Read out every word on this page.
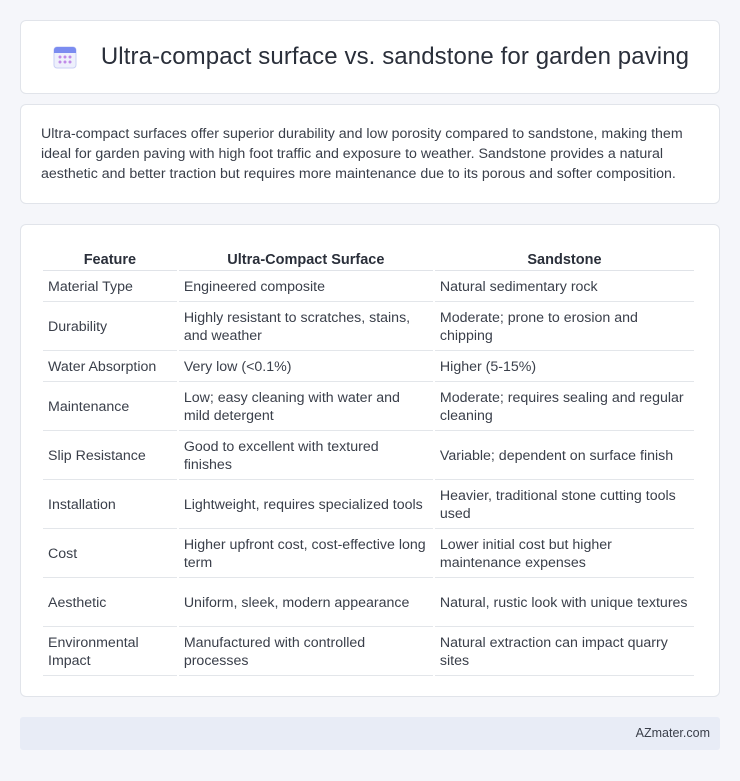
Ultra-compact surface vs. sandstone for garden paving

Ultra-compact surfaces offer superior durability and low porosity compared to sandstone, making them ideal for garden paving with high foot traffic and exposure to weather. Sandstone provides a natural aesthetic and better traction but requires more maintenance due to its porous and softer composition.

Feature	Ultra-Compact Surface	Sandstone
Material Type	Engineered composite	Natural sedimentary rock
Durability	Highly resistant to scratches, stains, and weather	Moderate; prone to erosion and chipping
Water Absorption	Very low (<0.1%)	Higher (5-15%)
Maintenance	Low; easy cleaning with water and mild detergent	Moderate; requires sealing and regular cleaning
Slip Resistance	Good to excellent with textured finishes	Variable; dependent on surface finish
Installation	Lightweight, requires specialized tools	Heavier, traditional stone cutting tools used
Cost	Higher upfront cost, cost-effective long term	Lower initial cost but higher maintenance expenses
Aesthetic	Uniform, sleek, modern appearance	Natural, rustic look with unique textures
Environmental Impact	Manufactured with controlled processes	Natural extraction can impact quarry sites
AZmater.com
